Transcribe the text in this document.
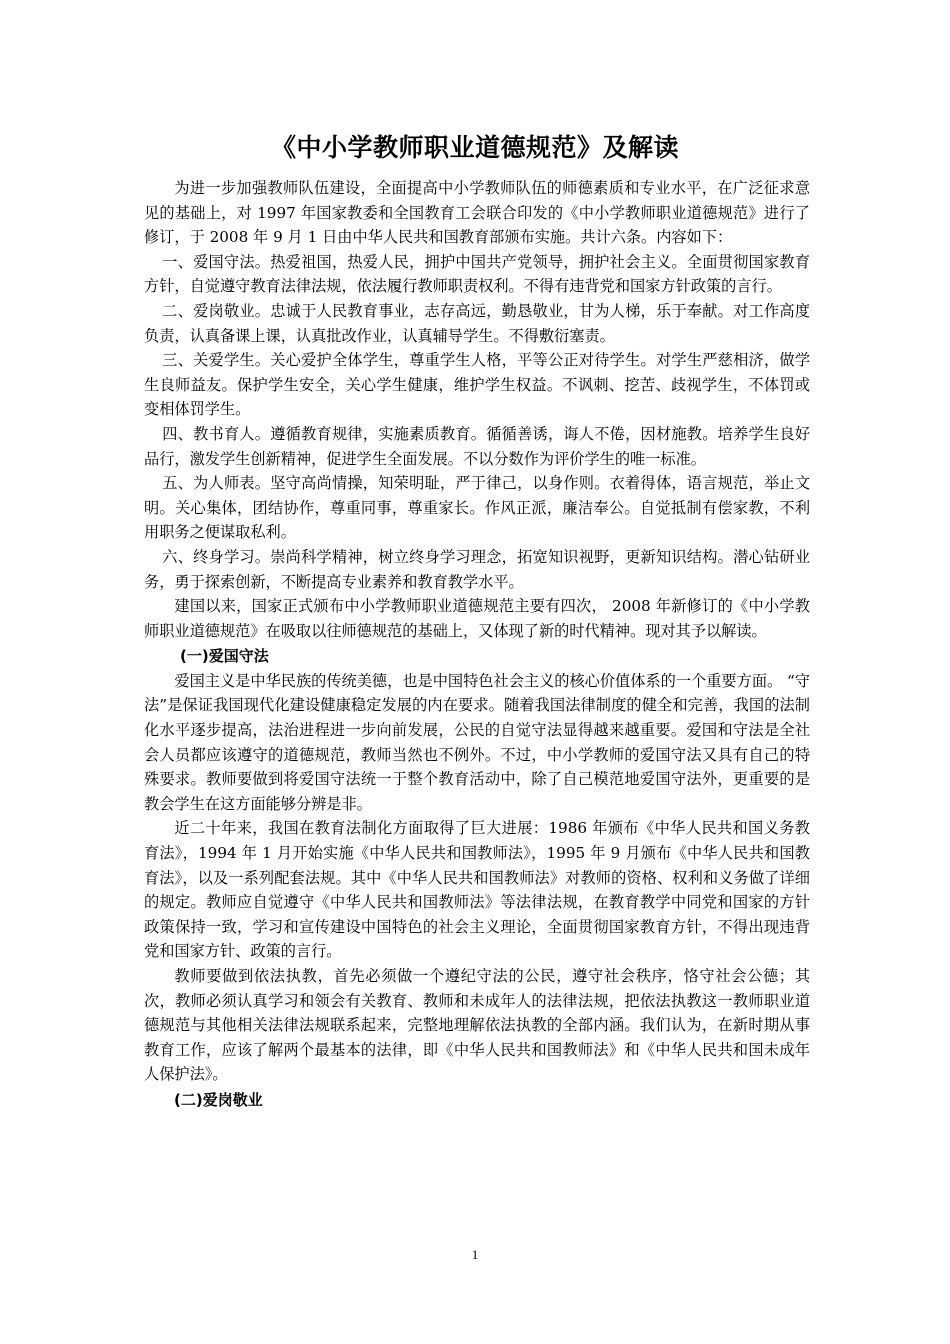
《中小学教师职业道德规范》及解读

为进一步加强教师队伍建设，全面提高中小学教师队伍的师德素质和专业水平，在广泛征求意见的基础上，对 1997 年国家教委和全国教育工会联合印发的《中小学教师职业道德规范》进行了修订，于 2008 年 9 月 1 日由中华人民共和国教育部颁布实施。共计六条。内容如下：

一、爱国守法。热爱祖国，热爱人民，拥护中国共产党领导，拥护社会主义。全面贯彻国家教育方针，自觉遵守教育法律法规，依法履行教师职责权利。不得有违背党和国家方针政策的言行。

二、爱岗敬业。忠诚于人民教育事业，志存高远，勤恳敬业，甘为人梯，乐于奉献。对工作高度负责，认真备课上课，认真批改作业，认真辅导学生。不得敷衍塞责。

三、关爱学生。关心爱护全体学生，尊重学生人格，平等公正对待学生。对学生严慈相济，做学生良师益友。保护学生安全，关心学生健康，维护学生权益。不讽刺、挖苦、歧视学生，不体罚或变相体罚学生。

四、教书育人。遵循教育规律，实施素质教育。循循善诱，诲人不倦，因材施教。培养学生良好品行，激发学生创新精神，促进学生全面发展。不以分数作为评价学生的唯一标准。

五、为人师表。坚守高尚情操，知荣明耻，严于律己，以身作则。衣着得体，语言规范，举止文明。关心集体，团结协作，尊重同事，尊重家长。作风正派，廉洁奉公。自觉抵制有偿家教，不利用职务之便谋取私利。

六、终身学习。崇尚科学精神，树立终身学习理念，拓宽知识视野，更新知识结构。潜心钻研业务，勇于探索创新，不断提高专业素养和教育教学水平。

建国以来，国家正式颁布中小学教师职业道德规范主要有四次， 2008 年新修订的《中小学教师职业道德规范》在吸取以往师德规范的基础上，又体现了新的时代精神。现对其予以解读。

(一)爱国守法

爱国主义是中华民族的传统美德，也是中国特色社会主义的核心价值体系的一个重要方面。 “守法”是保证我国现代化建设健康稳定发展的内在要求。随着我国法律制度的健全和完善，我国的法制化水平逐步提高，法治进程进一步向前发展，公民的自觉守法显得越来越重要。爱国和守法是全社会人员都应该遵守的道德规范，教师当然也不例外。不过，中小学教师的爱国守法又具有自己的特殊要求。教师要做到将爱国守法统一于整个教育活动中，除了自己模范地爱国守法外，更重要的是教会学生在这方面能够分辨是非。

近二十年来，我国在教育法制化方面取得了巨大进展：1986 年颁布《中华人民共和国义务教育法》，1994 年 1 月开始实施《中华人民共和国教师法》，1995 年 9 月颁布《中华人民共和国教育法》，以及一系列配套法规。其中《中华人民共和国教师法》对教师的资格、权利和义务做了详细的规定。教师应自觉遵守《中华人民共和国教师法》等法律法规，在教育教学中同党和国家的方针政策保持一致，学习和宣传建设中国特色的社会主义理论，全面贯彻国家教育方针，不得出现违背党和国家方针、政策的言行。

教师要做到依法执教，首先必须做一个遵纪守法的公民，遵守社会秩序，恪守社会公德；其次，教师必须认真学习和领会有关教育、教师和未成年人的法律法规，把依法执教这一教师职业道德规范与其他相关法律法规联系起来，完整地理解依法执教的全部内涵。我们认为，在新时期从事教育工作，应该了解两个最基本的法律，即《中华人民共和国教师法》和《中华人民共和国未成年人保护法》。

(二)爱岗敬业

1
